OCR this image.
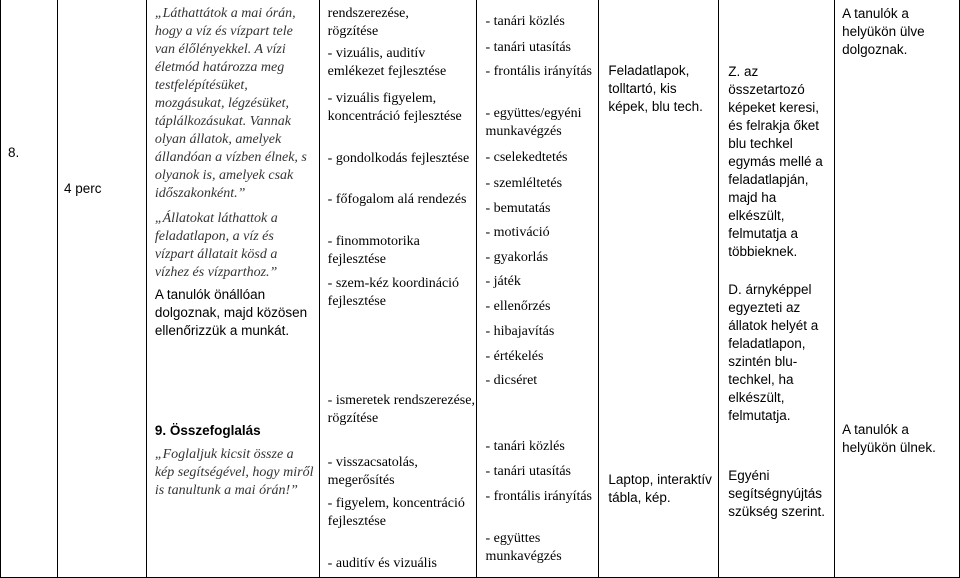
8.

4 perc

„Láthattátok a mai órán, hogy a víz és vízpart tele van élőlényekkel. A vízi életmód határozza meg testfelépítésüket, mozgásukat, légzésüket, táplálkozásukat. Vannak olyan állatok, amelyek állandóan a vízben élnek, s olyanok is, amelyek csak időszakonként.”
„Állatokat láthattok a feladatlapon, a víz és vízpart állatait kösd a vízhez és vízparthoz.”
A tanulók önállóan dolgoznak, majd közösen ellenőrizzük a munkát.
9. Összefoglalás
„Foglaljuk kicsit össze a kép segítségével, hogy miről is tanultunk a mai órán!”

rendszerezése,
rögzítése
- vizuális, auditív emlékezet fejlesztése
- vizuális figyelem, koncentráció fejlesztése
- gondolkodás fejlesztése
- főfogalom alá rendezés
- finommotorika fejlesztése
- szem-kéz koordináció fejlesztése
- ismeretek rendszerezése, rögzítése
- visszacsatolás, megerősítés
- figyelem, koncentráció fejlesztése
- auditív és vizuális

- tanári közlés
- tanári utasítás
- frontális irányítás
- együttes/egyéni munkavégzés
- cselekedtetés
- szemléltetés
- bemutatás
- motiváció
- gyakorlás
- játék
- ellenőrzés
- hibajavítás
- értékelés
- dicséret
- tanári közlés
- tanári utasítás
- frontális irányítás
- együttes munkavégzés

Feladatlapok, tolltartó, kis képek, blu tech.
Laptop, interaktív tábla, kép.

Z. az összetartozó képeket keresi, és felrakja őket blu techkel egymás mellé a feladatlapján, majd ha elkészült, felmutatja a többieknek.
D. árnyképpel egyezteti az állatok helyét a feladatlapon, szintén blu-techkel, ha elkészült, felmutatja.
Egyéni segítségnyújtás szükség szerint.

A tanulók a helyükön ülve dolgoznak.
A tanulók a helyükön ülnek.
